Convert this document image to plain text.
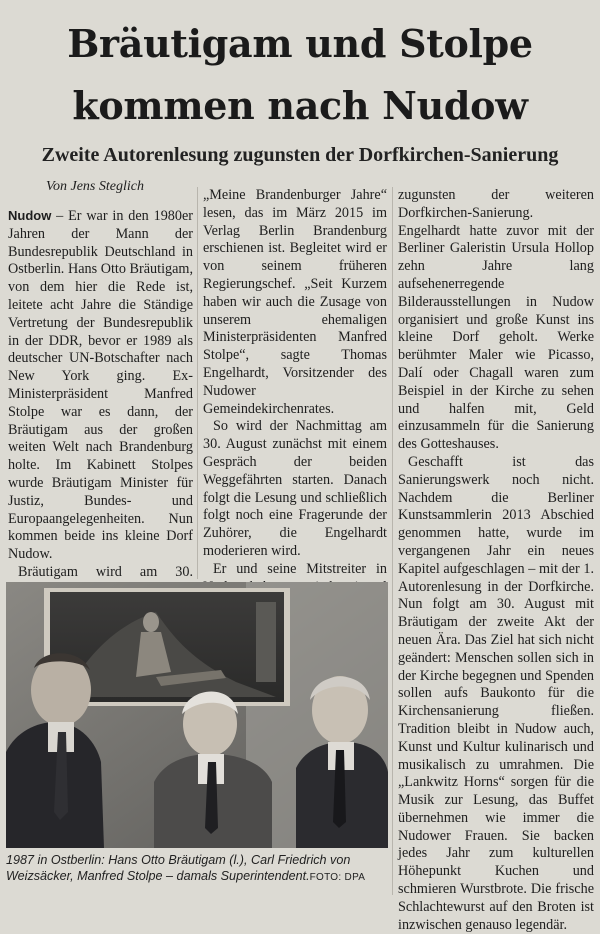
Bräutigam und Stolpe
kommen nach Nudow
Zweite Autorenlesung zugunsten der Dorfkirchen-Sanierung
Von Jens Steglich

Nudow – Er war in den 1980er Jahren der Mann der Bundesrepublik Deutschland in Ostberlin. Hans Otto Bräutigam, von dem hier die Rede ist, leitete acht Jahre die Ständige Vertretung der Bundesrepublik in der DDR, bevor er 1989 als deutscher UN-Botschafter nach New York ging. Ex-Ministerpräsident Manfred Stolpe war es dann, der Bräutigam aus der großen weiten Welt nach Brandenburg holte. Im Kabinett Stolpes wurde Bräutigam Minister für Justiz, Bundes- und Europaangelegenheiten. Nun kommen beide ins kleine Dorf Nudow.

Bräutigam wird am 30.

„Meine Brandenburger Jahre“ lesen, das im März 2015 im Verlag Berlin Brandenburg erschienen ist. Begleitet wird er von seinem früheren Regierungschef. „Seit Kurzem haben wir auch die Zusage von unserem ehemaligen Ministerpräsidenten Manfred Stolpe“, sagte Thomas Engelhardt, Vorsitzender des Nudower Gemeindekirchenrates.

So wird der Nachmittag am 30. August zunächst mit einem Gespräch der beiden Weggefährten starten. Danach folgt die Lesung und schließlich folgt noch eine Fragerunde der Zuhörer, die Engelhardt moderieren wird.

Er und seine Mitstreiter in

zugunsten der weiteren Dorfkirchen-Sanierung. Engelhardt hatte zuvor mit der Berliner Galeristin Ursula Hollop zehn Jahre lang aufsehenerregende Bilderausstellungen in Nudow organisiert und große Kunst ins kleine Dorf geholt. Werke berühmter Maler wie Picasso, Dalí oder Chagall waren zum Beispiel in der Kirche zu sehen und halfen mit, Geld einzusammeln für die Sanierung des Gotteshauses.

Geschafft ist das Sanierungswerk noch nicht. Nachdem die Berliner Kunstsammlerin 2013 Abschied genommen hatte, wurde im vergangenen Jahr ein neues Kapitel aufgeschlagen – mit der 1. Autorenlesung in der Dorfkirche. Nun folgt am 30. August mit Bräutigam der zweite Akt der neuen Ära. Das Ziel hat sich nicht geändert: Menschen sollen sich in der Kirche begegnen und Spenden sollen aufs Baukonto für die Kirchensanierung fließen. Tradition bleibt in Nudow auch, Kunst und Kultur kulinarisch und musikalisch zu umrahmen. Die „Lankwitz Horns“ sorgen für die Musik zur Lesung, das Buffet übernehmen wie immer die Nudower Frauen. Sie backen jedes Jahr zum kulturellen Höhepunkt Kuchen und schmieren Wurstbrote. Die frische Schlachtewurst auf den Broten ist inzwischen genauso legendär.

1987 in Ostberlin: Hans Otto Bräutigam (l.), Carl Friedrich von Weizsäcker, Manfred Stolpe – damals Superintendent.FOTO: DPA
